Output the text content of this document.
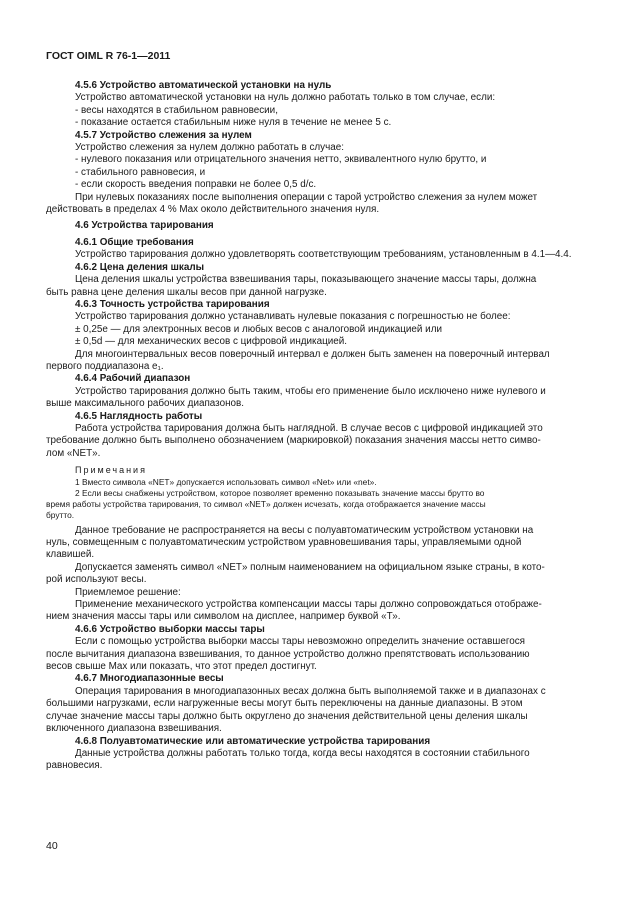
ГОСТ OIML R 76-1—2011
4.5.6 Устройство автоматической установки на нуль
Устройство автоматической установки на нуль должно работать только в том случае, если:
- весы находятся в стабильном равновесии,
- показание остается стабильным ниже нуля в течение не менее 5 с.
4.5.7 Устройство слежения за нулем
Устройство слежения за нулем должно работать в случае:
- нулевого показания или отрицательного значения нетто, эквивалентного нулю брутто, и
- стабильного равновесия, и
- если скорость введения поправки не более 0,5 d/c.
При нулевых показаниях после выполнения операции с тарой устройство слежения за нулем может
действовать в пределах 4 % Max около действительного значения нуля.
4.6 Устройства тарирования
4.6.1 Общие требования
Устройство тарирования должно удовлетворять соответствующим требованиям, установленным в 4.1—4.4.
4.6.2 Цена деления шкалы
Цена деления шкалы устройства взвешивания тары, показывающего значение массы тары, должна
быть равна цене деления шкалы весов при данной нагрузке.
4.6.3 Точность устройства тарирования
Устройство тарирования должно устанавливать нулевые показания с погрешностью не более:
± 0,25e — для электронных весов и любых весов с аналоговой индикацией или
± 0,5d — для механических весов с цифровой индикацией.
Для многоинтервальных весов поверочный интервал e должен быть заменен на поверочный интервал
первого поддиапазона e₁.
4.6.4 Рабочий диапазон
Устройство тарирования должно быть таким, чтобы его применение было исключено ниже нулевого и
выше максимального рабочих диапазонов.
4.6.5 Наглядность работы
Работа устройства тарирования должна быть наглядной. В случае весов с цифровой индикацией это
требование должно быть выполнено обозначением (маркировкой) показания значения массы нетто симво-
лом «NET».
Примечания
1 Вместо символа «NET» допускается использовать символ «Net» или «net».
2 Если весы снабжены устройством, которое позволяет временно показывать значение массы брутто во
время работы устройства тарирования, то символ «NET» должен исчезать, когда отображается значение массы
брутто.
Данное требование не распространяется на весы с полуавтоматическим устройством установки на
нуль, совмещенным с полуавтоматическим устройством уравновешивания тары, управляемыми одной
клавишей.
Допускается заменять символ «NET» полным наименованием на официальном языке страны, в кото-
рой используют весы.
Приемлемое решение:
Применение механического устройства компенсации массы тары должно сопровождаться отображе-
нием значения массы тары или символом на дисплее, например буквой «Т».
4.6.6 Устройство выборки массы тары
Если с помощью устройства выборки массы тары невозможно определить значение оставшегося
после вычитания диапазона взвешивания, то данное устройство должно препятствовать использованию
весов свыше Max или показать, что этот предел достигнут.
4.6.7 Многодиапазонные весы
Операция тарирования в многодиапазонных весах должна быть выполняемой также и в диапазонах с
большими нагрузками, если нагруженные весы могут быть переключены на данные диапазоны. В этом
случае значение массы тары должно быть округлено до значения действительной цены деления шкалы
включенного диапазона взвешивания.
4.6.8 Полуавтоматические или автоматические устройства тарирования
Данные устройства должны работать только тогда, когда весы находятся в состоянии стабильного
равновесия.
40
